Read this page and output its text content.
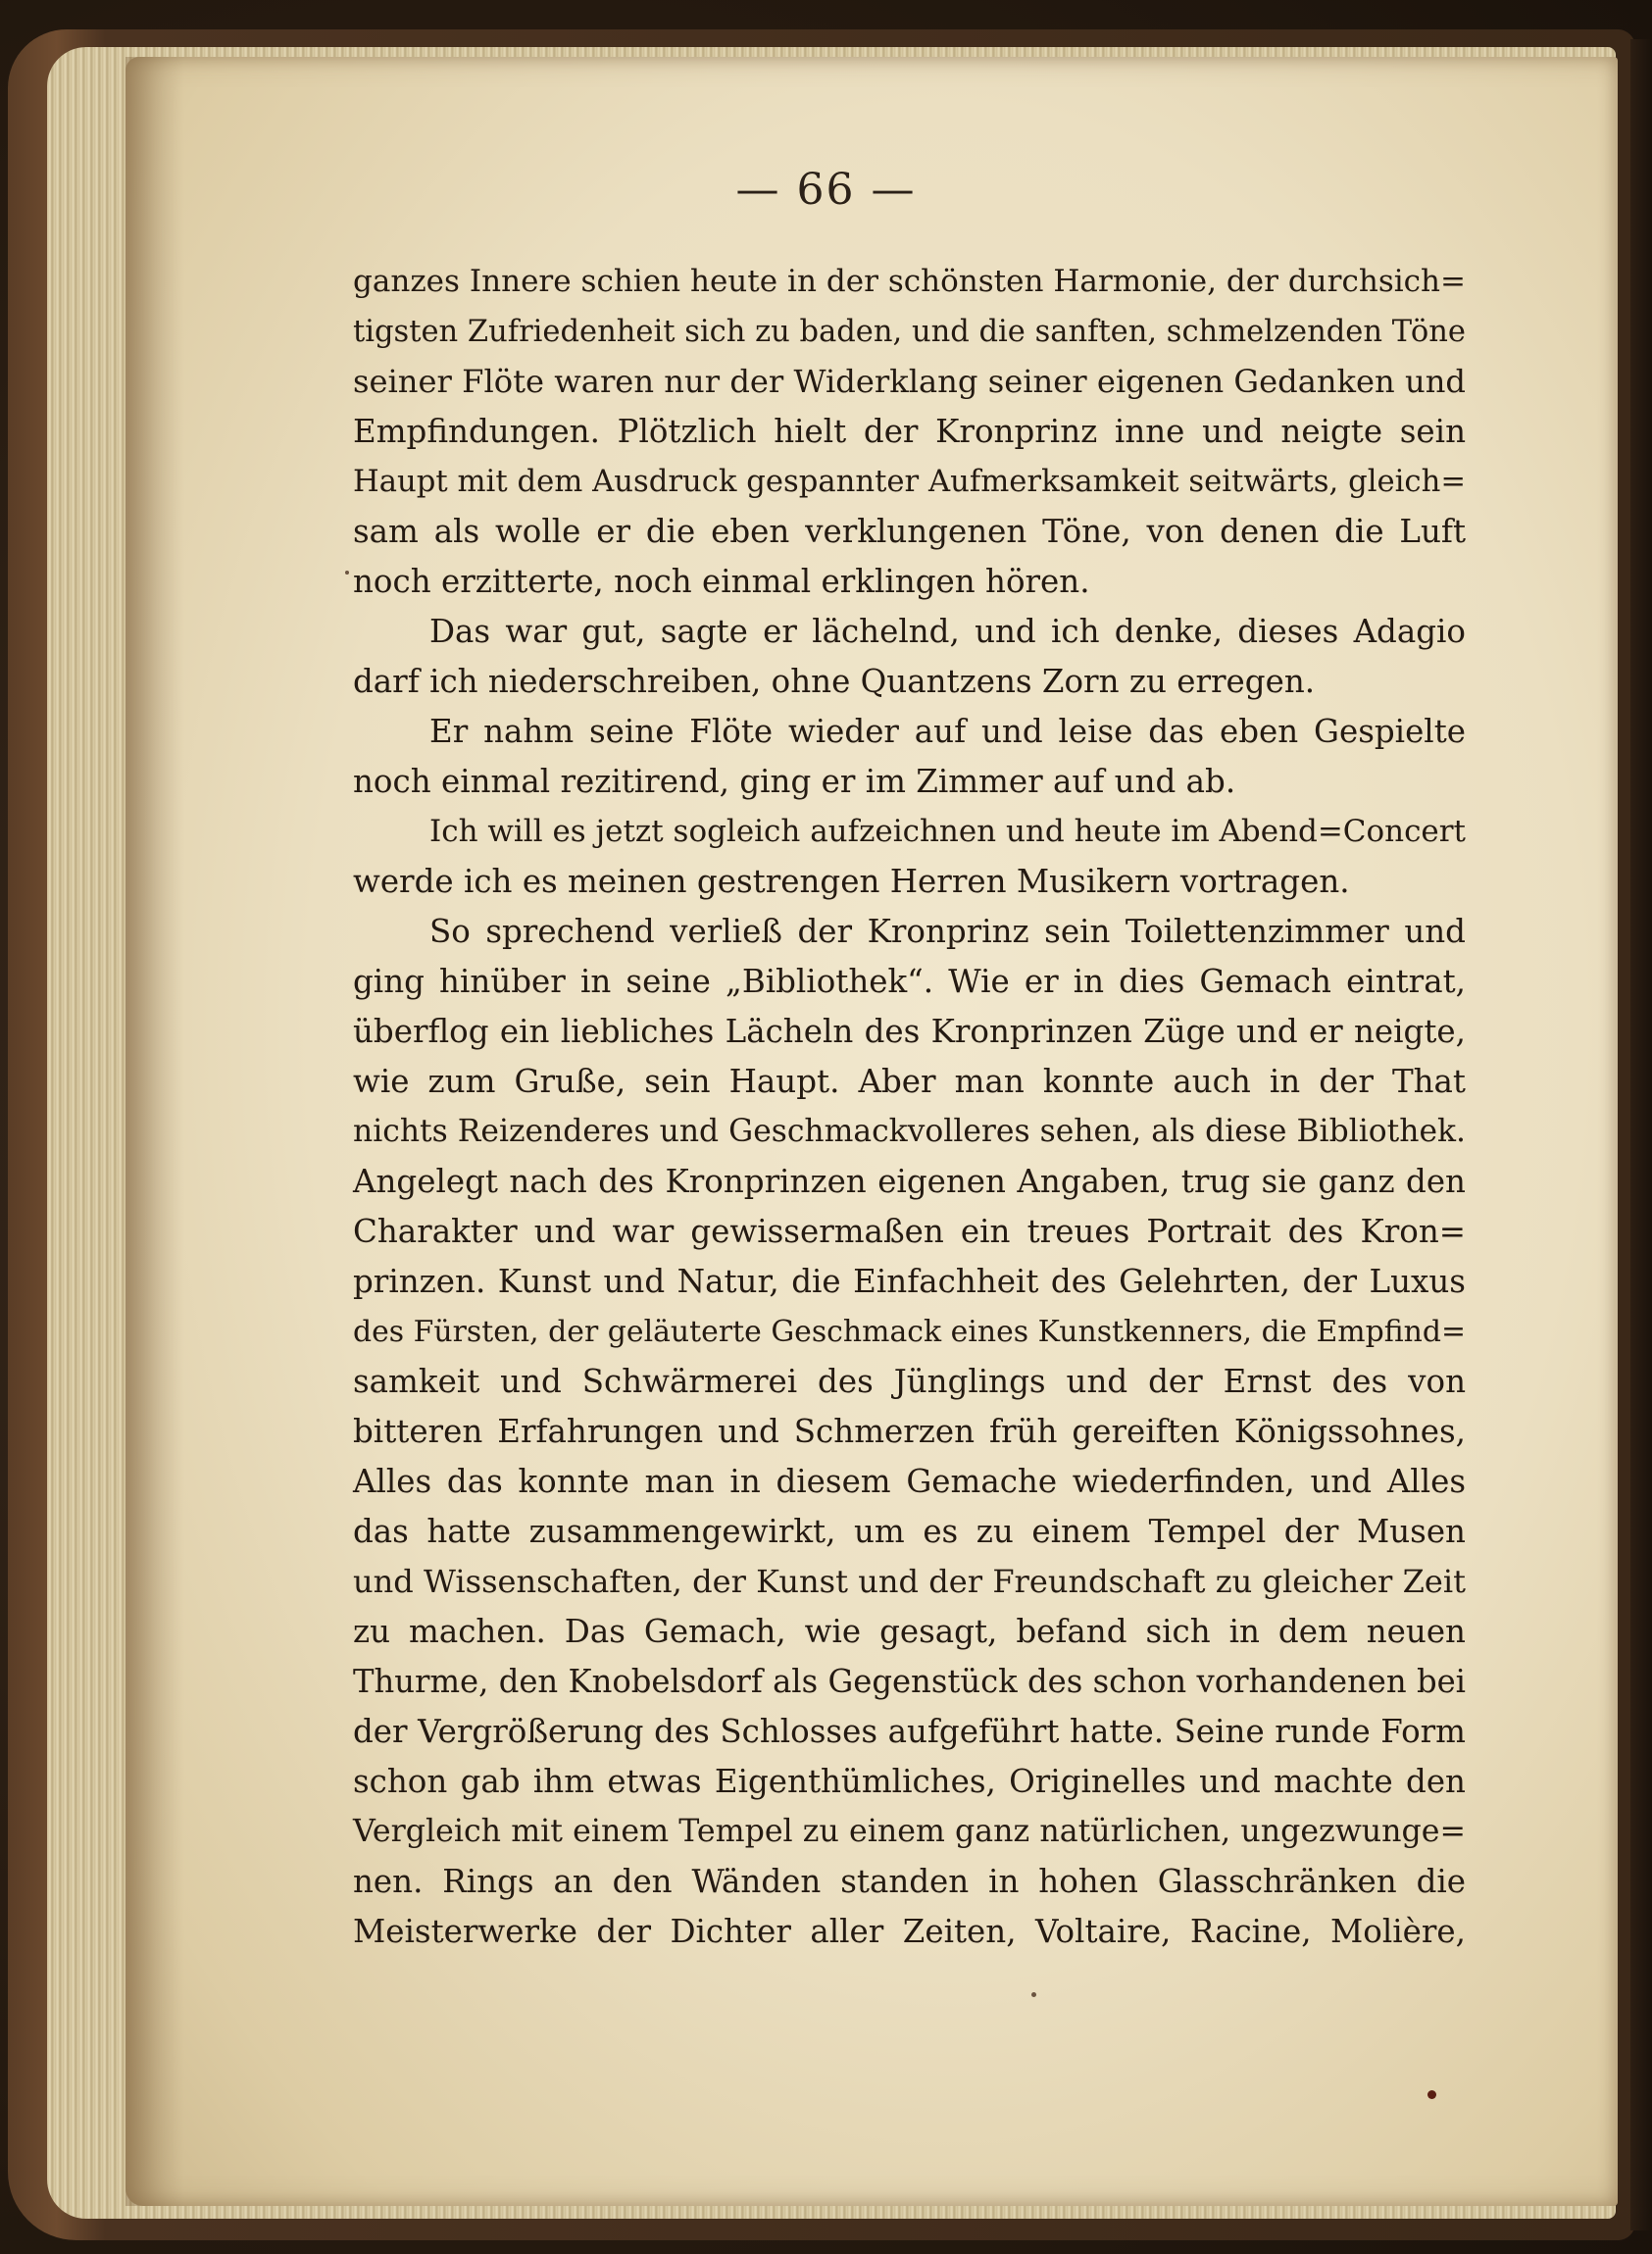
— 66 —
ganzes Innere schien heute in der schönsten Harmonie, der durchsich=
tigsten Zufriedenheit sich zu baden, und die sanften, schmelzenden Töne
seiner Flöte waren nur der Widerklang seiner eigenen Gedanken und
Empfindungen. Plötzlich hielt der Kronprinz inne und neigte sein
Haupt mit dem Ausdruck gespannter Aufmerksamkeit seitwärts, gleich=
sam als wolle er die eben verklungenen Töne, von denen die Luft
noch erzitterte, noch einmal erklingen hören.
Das war gut, sagte er lächelnd, und ich denke, dieses Adagio
darf ich niederschreiben, ohne Quantzens Zorn zu erregen.
Er nahm seine Flöte wieder auf und leise das eben Gespielte
noch einmal rezitirend, ging er im Zimmer auf und ab.
Ich will es jetzt sogleich aufzeichnen und heute im Abend=Concert
werde ich es meinen gestrengen Herren Musikern vortragen.
So sprechend verließ der Kronprinz sein Toilettenzimmer und
ging hinüber in seine „Bibliothek“. Wie er in dies Gemach eintrat,
überflog ein liebliches Lächeln des Kronprinzen Züge und er neigte,
wie zum Gruße, sein Haupt. Aber man konnte auch in der That
nichts Reizenderes und Geschmackvolleres sehen, als diese Bibliothek.
Angelegt nach des Kronprinzen eigenen Angaben, trug sie ganz den
Charakter und war gewissermaßen ein treues Portrait des Kron=
prinzen. Kunst und Natur, die Einfachheit des Gelehrten, der Luxus
des Fürsten, der geläuterte Geschmack eines Kunstkenners, die Empfind=
samkeit und Schwärmerei des Jünglings und der Ernst des von
bitteren Erfahrungen und Schmerzen früh gereiften Königssohnes,
Alles das konnte man in diesem Gemache wiederfinden, und Alles
das hatte zusammengewirkt, um es zu einem Tempel der Musen
und Wissenschaften, der Kunst und der Freundschaft zu gleicher Zeit
zu machen. Das Gemach, wie gesagt, befand sich in dem neuen
Thurme, den Knobelsdorf als Gegenstück des schon vorhandenen bei
der Vergrößerung des Schlosses aufgeführt hatte. Seine runde Form
schon gab ihm etwas Eigenthümliches, Originelles und machte den
Vergleich mit einem Tempel zu einem ganz natürlichen, ungezwunge=
nen. Rings an den Wänden standen in hohen Glasschränken die
Meisterwerke der Dichter aller Zeiten, Voltaire, Racine, Molière,
